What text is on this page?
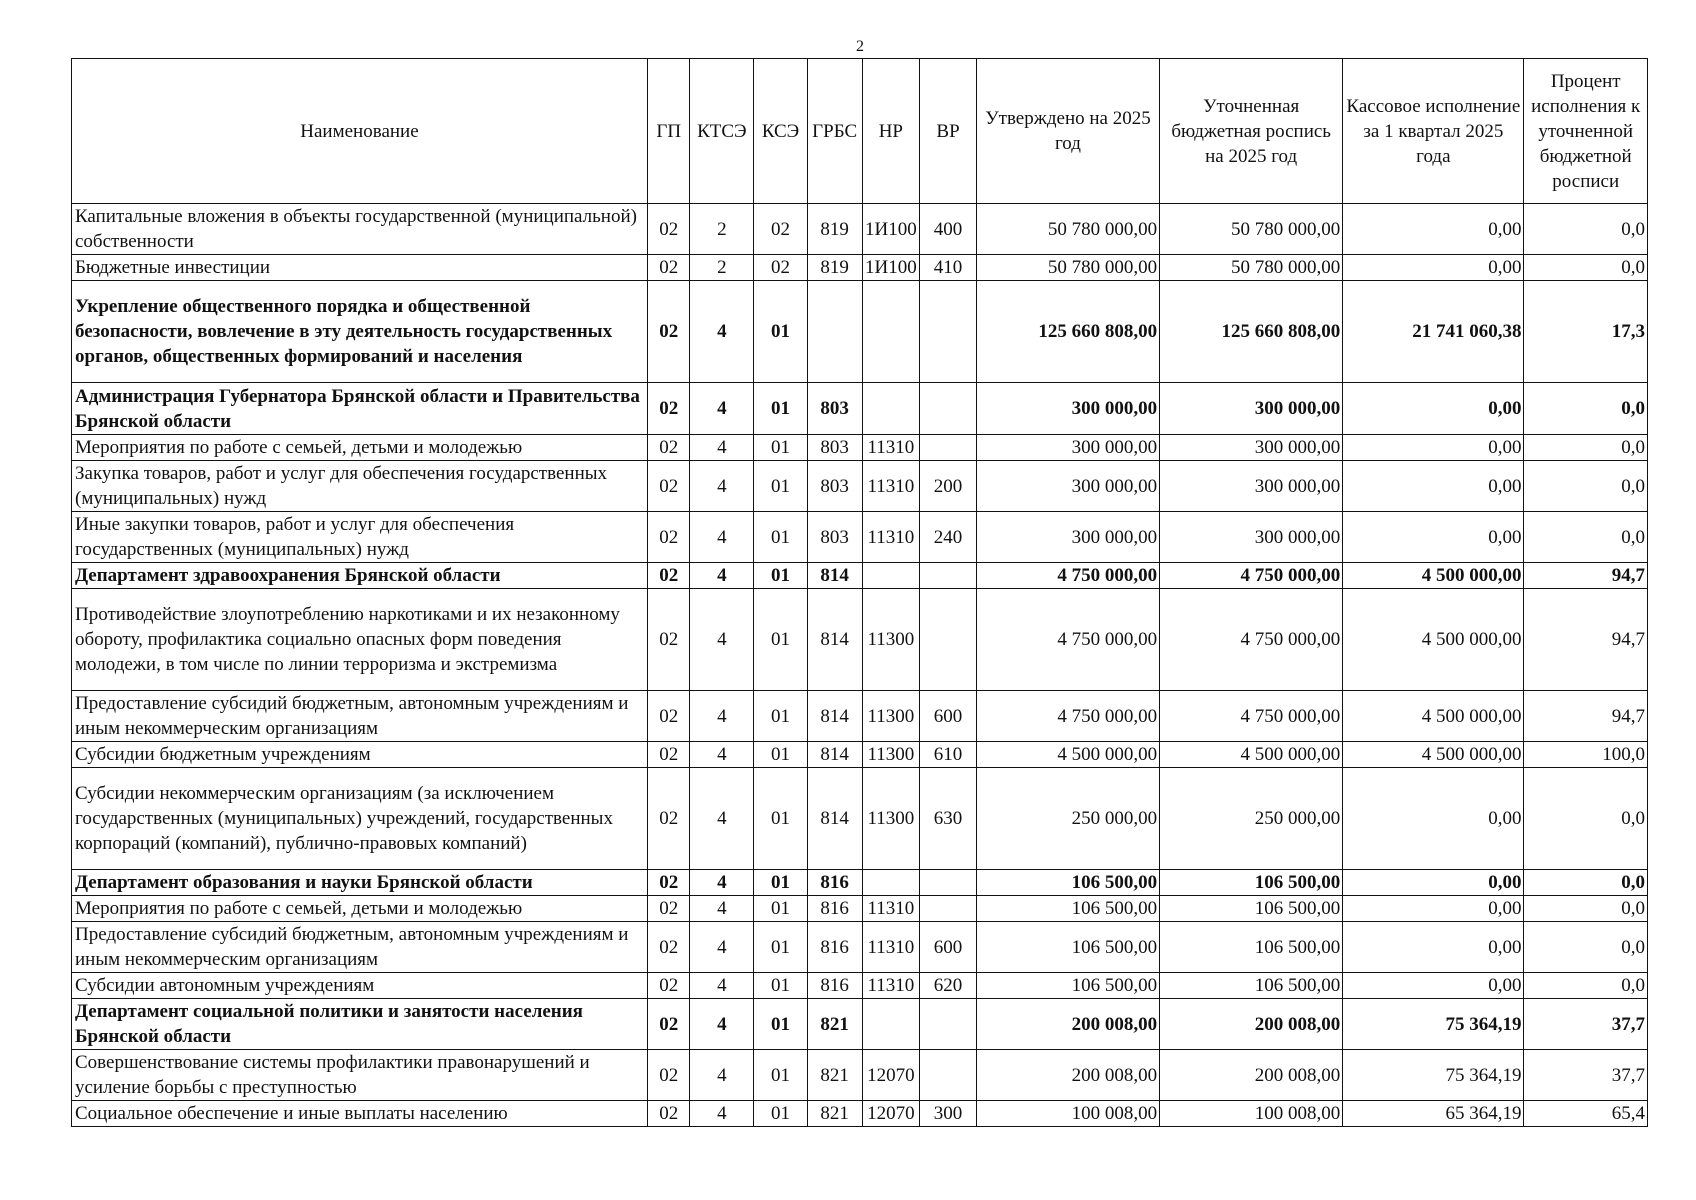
2
Наименование	ГП	КТСЭ	КСЭ	ГРБС	НР	ВР	Утверждено на 2025 год	Уточненная бюджетная роспись на 2025 год	Кассовое исполнение за 1 квартал 2025 года	Процент исполнения к уточненной бюджетной росписи
Капитальные вложения в объекты государственной (муниципальной) собственности	02	2	02	819	1И100	400	50 780 000,00	50 780 000,00	0,00	0,0
Бюджетные инвестиции	02	2	02	819	1И100	410	50 780 000,00	50 780 000,00	0,00	0,0
Укрепление общественного порядка и общественной безопасности, вовлечение в эту деятельность государственных органов, общественных формирований и населения	02	4	01				125 660 808,00	125 660 808,00	21 741 060,38	17,3
Администрация Губернатора Брянской области и Правительства Брянской области	02	4	01	803			300 000,00	300 000,00	0,00	0,0
Мероприятия по работе с семьей, детьми и молодежью	02	4	01	803	11310		300 000,00	300 000,00	0,00	0,0
Закупка товаров, работ и услуг для обеспечения государственных (муниципальных) нужд	02	4	01	803	11310	200	300 000,00	300 000,00	0,00	0,0
Иные закупки товаров, работ и услуг для обеспечения государственных (муниципальных) нужд	02	4	01	803	11310	240	300 000,00	300 000,00	0,00	0,0
Департамент здравоохранения Брянской области	02	4	01	814			4 750 000,00	4 750 000,00	4 500 000,00	94,7
Противодействие злоупотреблению наркотиками и их незаконному обороту, профилактика социально опасных форм поведения молодежи, в том числе по линии терроризма и экстремизма	02	4	01	814	11300		4 750 000,00	4 750 000,00	4 500 000,00	94,7
Предоставление субсидий бюджетным, автономным учреждениям и иным некоммерческим организациям	02	4	01	814	11300	600	4 750 000,00	4 750 000,00	4 500 000,00	94,7
Субсидии бюджетным учреждениям	02	4	01	814	11300	610	4 500 000,00	4 500 000,00	4 500 000,00	100,0
Субсидии некоммерческим организациям (за исключением государственных (муниципальных) учреждений, государственных корпораций (компаний), публично-правовых компаний)	02	4	01	814	11300	630	250 000,00	250 000,00	0,00	0,0
Департамент образования и науки Брянской области	02	4	01	816			106 500,00	106 500,00	0,00	0,0
Мероприятия по работе с семьей, детьми и молодежью	02	4	01	816	11310		106 500,00	106 500,00	0,00	0,0
Предоставление субсидий бюджетным, автономным учреждениям и иным некоммерческим организациям	02	4	01	816	11310	600	106 500,00	106 500,00	0,00	0,0
Субсидии автономным учреждениям	02	4	01	816	11310	620	106 500,00	106 500,00	0,00	0,0
Департамент социальной политики и занятости населения Брянской области	02	4	01	821			200 008,00	200 008,00	75 364,19	37,7
Совершенствование системы профилактики правонарушений и усиление борьбы с преступностью	02	4	01	821	12070		200 008,00	200 008,00	75 364,19	37,7
Социальное обеспечение и иные выплаты населению	02	4	01	821	12070	300	100 008,00	100 008,00	65 364,19	65,4
